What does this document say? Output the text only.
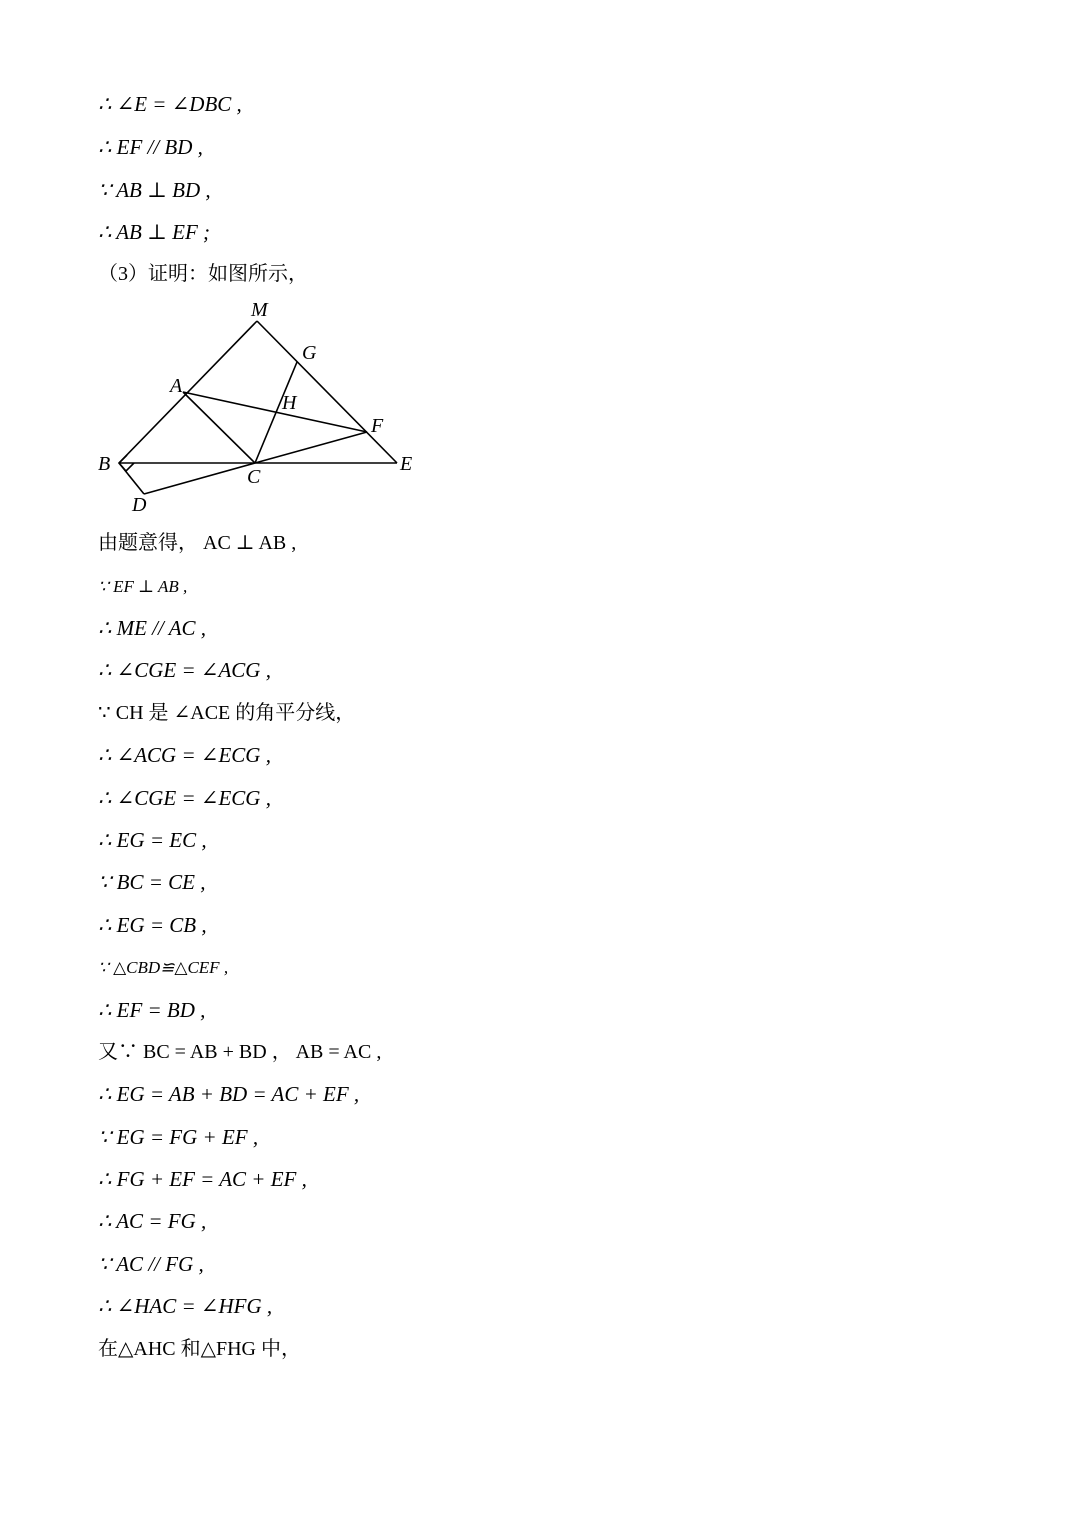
∴ ∠E = ∠DBC ,
∴ EF // BD ,
∵ AB ⊥ BD ,
∴ AB ⊥ EF ;
（3）证明：如图所示，
M
G
A
H
F
B
C
E
D
由题意得， AC ⊥ AB ,
∵ EF ⊥ AB ,
∴ ME // AC ,
∴ ∠CGE = ∠ACG ,
∵ CH 是 ∠ACE 的角平分线，
∴ ∠ACG = ∠ECG ,
∴ ∠CGE = ∠ECG ,
∴ EG = EC ,
∵ BC = CE ,
∴ EG = CB ,
∵ △CBD≌△CEF ,
∴ EF = BD ,
又∵ BC = AB + BD ， AB = AC ,
∴ EG = AB + BD = AC + EF ,
∵ EG = FG + EF ,
∴ FG + EF = AC + EF ,
∴ AC = FG ,
∵ AC // FG ,
∴ ∠HAC = ∠HFG ,
在△AHC 和△FHG 中，
